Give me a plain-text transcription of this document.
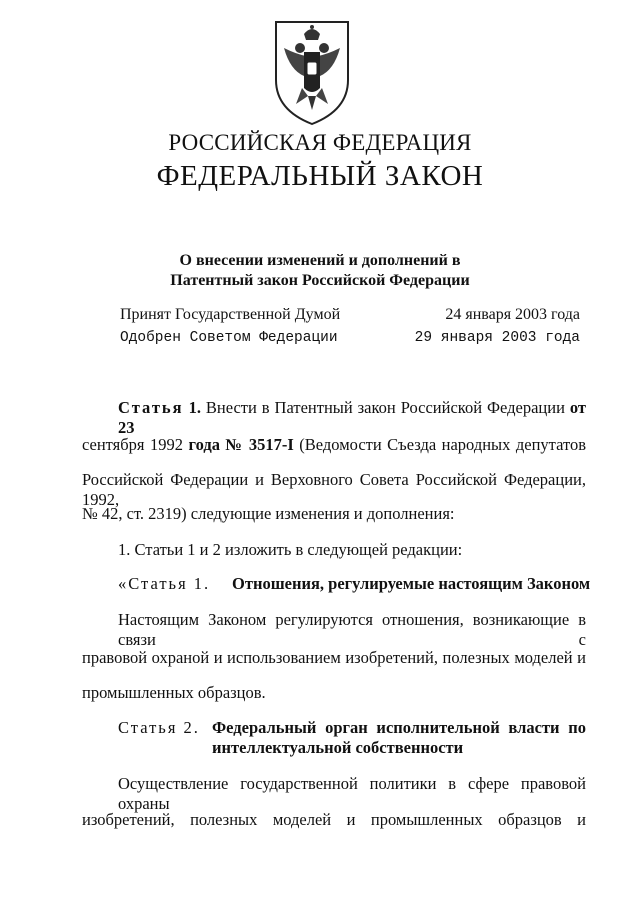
РОССИЙСКАЯ ФЕДЕРАЦИЯ
ФЕДЕРАЛЬНЫЙ ЗАКОН
О внесении изменений и дополнений в
Патентный закон Российской Федерации
Принят Государственной Думой	24 января 2003 года
Одобрен Советом Федерации	29 января 2003 года
Статья 1. Внести в Патентный закон Российской Федерации от 23
сентября 1992 года № 3517-I (Ведомости Съезда народных депутатов
Российской Федерации и Верховного Совета Российской Федерации, 1992,
№ 42, ст. 2319) следующие изменения и дополнения:
1. Статьи 1 и 2 изложить в следующей редакции:
«Статья 1. Отношения, регулируемые настоящим Законом
Настоящим Законом регулируются отношения, возникающие в связи с
правовой охраной и использованием изобретений, полезных моделей и
промышленных образцов.
Статья 2. Федеральный орган исполнительной власти по
интеллектуальной собственности
Осуществление государственной политики в сфере правовой охраны
изобретений, полезных моделей и промышленных образцов и
